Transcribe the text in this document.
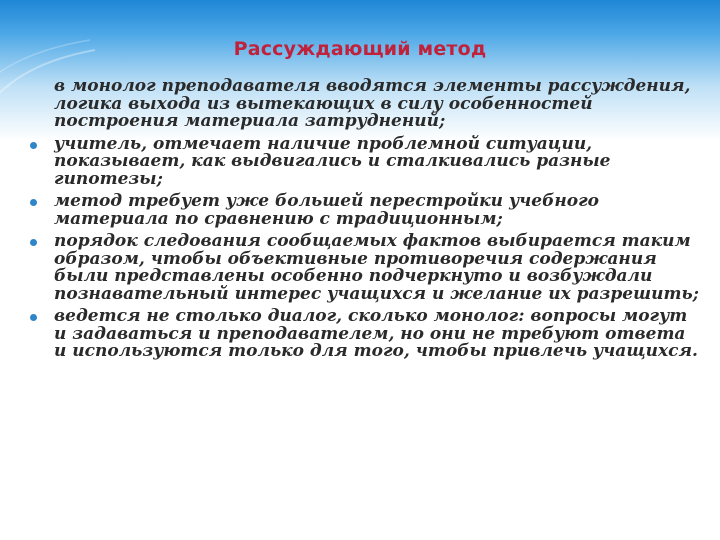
Рассуждающий метод

в монолог преподавателя вводятся элементы рассуждения, логика выхода из вытекающих в силу особенностей построения материала затруднений;

учитель, отмечает наличие проблемной ситуации, показывает, как выдвигались и сталкивались разные гипотезы;

метод требует уже большей перестройки учебного материала по сравнению с традиционным;

порядок следования сообщаемых фактов выбирается таким образом, чтобы объективные противоречия содержания были представлены особенно подчеркнуто и возбуждали познавательный интерес учащихся и желание их разрешить;

ведется не столько диалог, сколько монолог: вопросы могут и задаваться и преподавателем, но они не требуют ответа и используются только для того, чтобы привлечь учащихся.
